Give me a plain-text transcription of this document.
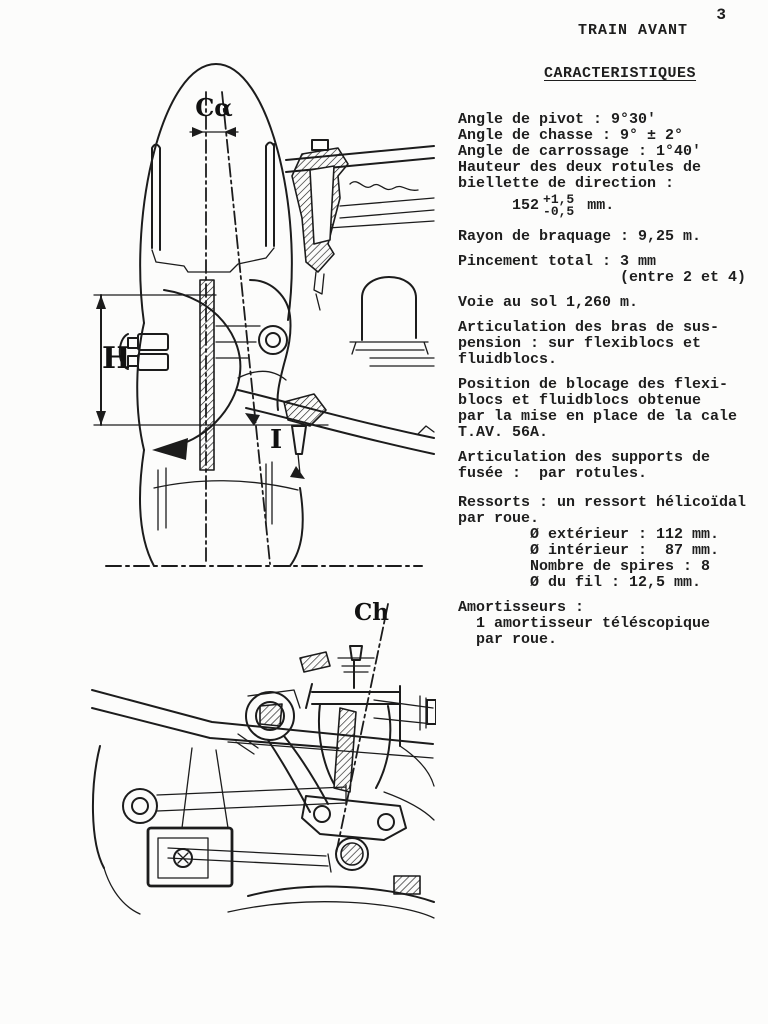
Cα
H
I
Ch
3
TRAIN AVANT
CARACTERISTIQUES
Angle de pivot : 9°30'
Angle de chasse : 9° ± 2°
Angle de carrossage : 1°40'
Hauteur des deux rotules de
biellette de direction :

152 +1,5
-0,5 mm.
Rayon de braquage : 9,25 m.
Pincement total : 3 mm
(entre 2 et 4)
Voie au sol 1,260 m.
Articulation des bras de sus-
pension : sur flexiblocs et
fluidblocs.
Position de blocage des flexi-
blocs et fluidblocs obtenue
par la mise en place de la cale
T.AV. 56A.
Articulation des supports de
fusée :  par rotules.
Ressorts : un ressort hélicoïdal
par roue.
Ø extérieur : 112 mm.
Ø intérieur :  87 mm.
Nombre de spires : 8
Ø du fil : 12,5 mm.
Amortisseurs :
1 amortisseur téléscopique
par roue.
